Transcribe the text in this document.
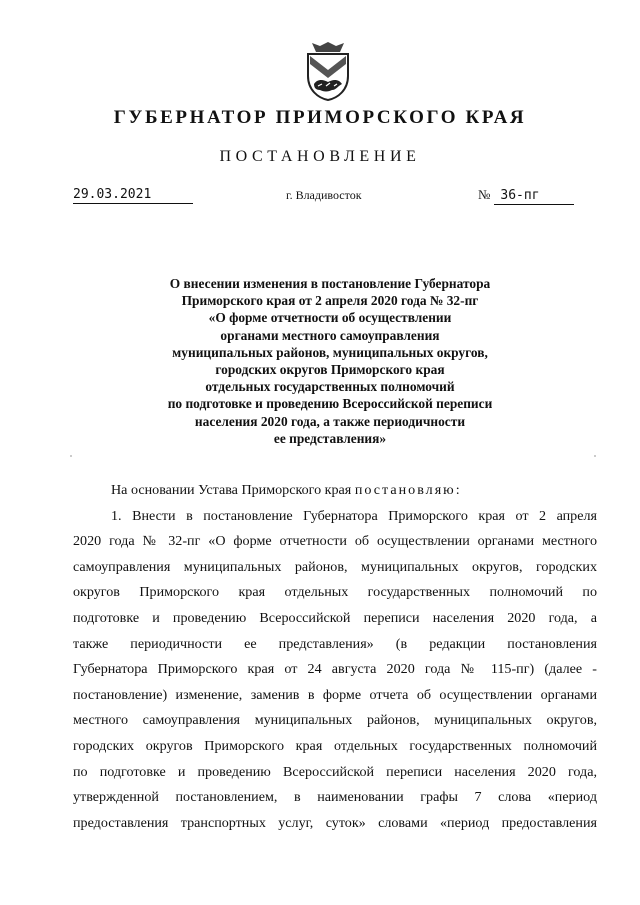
ГУБЕРНАТОР ПРИМОРСКОГО КРАЯ
ПОСТАНОВЛЕНИЕ
29.03.2021	г. Владивосток	№ 36-пг
О внесении изменения в постановление Губернатора
Приморского края от 2 апреля 2020 года № 32-пг
«О форме отчетности об осуществлении
органами местного самоуправления
муниципальных районов, муниципальных округов,
городских округов Приморского края
отдельных государственных полномочий
по подготовке и проведению Всероссийской переписи
населения 2020 года, а также периодичности
ее представления»
На основании Устава Приморского края постановляю:
1. Внести в постановление Губернатора Приморского края от 2 апреля
2020 года № 32-пг «О форме отчетности об осуществлении органами местного
самоуправления муниципальных районов, муниципальных округов, городских
округов Приморского края отдельных государственных полномочий по
подготовке и проведению Всероссийской переписи населения 2020 года, а
также периодичности ее представления» (в редакции постановления
Губернатора Приморского края от 24 августа 2020 года № 115-пг) (далее -
постановление) изменение, заменив в форме отчета об осуществлении органами
местного самоуправления муниципальных районов, муниципальных округов,
городских округов Приморского края отдельных государственных полномочий
по подготовке и проведению Всероссийской переписи населения 2020 года,
утвержденной постановлением, в наименовании графы 7 слова «период
предоставления транспортных услуг, суток» словами «период предоставления
